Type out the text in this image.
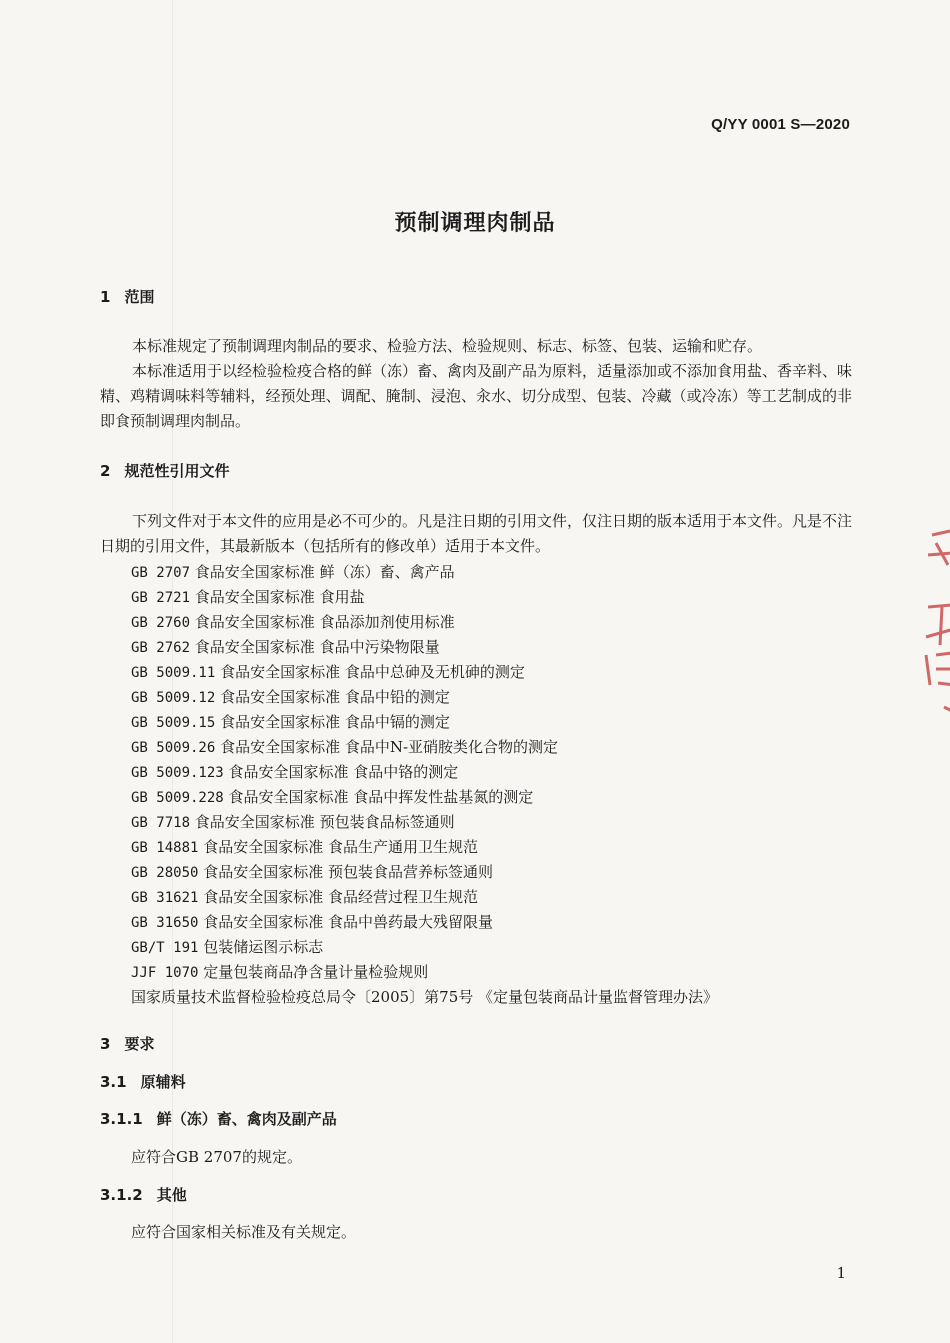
Q/YY 0001 S—2020
预制调理肉制品
1 范围

本标准规定了预制调理肉制品的要求、检验方法、检验规则、标志、标签、包装、运输和贮存。

本标准适用于以经检验检疫合格的鲜（冻）畜、禽肉及副产品为原料，适量添加或不添加食用盐、香辛料、味精、鸡精调味料等辅料，经预处理、调配、腌制、浸泡、汆水、切分成型、包装、冷藏（或冷冻）等工艺制成的非即食预制调理肉制品。

2 规范性引用文件

下列文件对于本文件的应用是必不可少的。凡是注日期的引用文件，仅注日期的版本适用于本文件。凡是不注日期的引用文件，其最新版本（包括所有的修改单）适用于本文件。

GB 2707 食品安全国家标准 鲜（冻）畜、禽产品
GB 2721 食品安全国家标准 食用盐
GB 2760 食品安全国家标准 食品添加剂使用标准
GB 2762 食品安全国家标准 食品中污染物限量
GB 5009.11 食品安全国家标准 食品中总砷及无机砷的测定
GB 5009.12 食品安全国家标准 食品中铅的测定
GB 5009.15 食品安全国家标准 食品中镉的测定
GB 5009.26 食品安全国家标准 食品中N-亚硝胺类化合物的测定
GB 5009.123 食品安全国家标准 食品中铬的测定
GB 5009.228 食品安全国家标准 食品中挥发性盐基氮的测定
GB 7718 食品安全国家标准 预包装食品标签通则
GB 14881 食品安全国家标准 食品生产通用卫生规范
GB 28050 食品安全国家标准 预包装食品营养标签通则
GB 31621 食品安全国家标准 食品经营过程卫生规范
GB 31650 食品安全国家标准 食品中兽药最大残留限量
GB/T 191 包装储运图示标志
JJF 1070 定量包装商品净含量计量检验规则
国家质量技术监督检验检疫总局令〔2005〕第75号 《定量包装商品计量监督管理办法》
3 要求
3.1 原辅料
3.1.1 鲜（冻）畜、禽肉及副产品
应符合GB 2707的规定。
3.1.2 其他
应符合国家相关标准及有关规定。
1
